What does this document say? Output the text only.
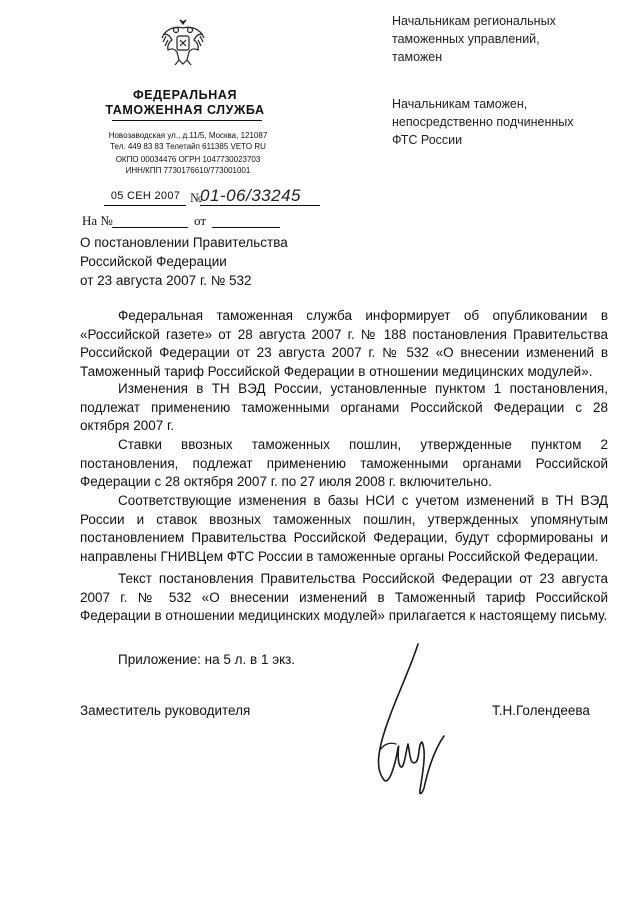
ФЕДЕРАЛЬНАЯ
ТАМОЖЕННАЯ СЛУЖБА
Новозаводская ул., д.11/5, Москва, 121087
Тел. 449 83 83 Телетайп 611385 VETO RU
ОКПО 00034476 ОГРН 1047730023703
ИНН/КПП 7730176610/773001001
05 СЕН 2007 №
01-06/33245
На №	от
Начальникам региональных
таможенных управлений,
таможен
Начальникам таможен,
непосредственно подчиненных
ФТС России
О постановлении Правительства
Российской Федерации
от 23 августа 2007 г. № 532

Федеральная таможенная служба информирует об опубликовании в «Российской газете» от 28 августа 2007 г. № 188 постановления Правительства Российской Федерации от 23 августа 2007 г. № 532 «О внесении изменений в Таможенный тариф Российской Федерации в отношении медицинских модулей».

Изменения в ТН ВЭД России, установленные пунктом 1 постановления, подлежат применению таможенными органами Российской Федерации с 28 октября 2007 г.

Ставки ввозных таможенных пошлин, утвержденные пунктом 2 постановления, подлежат применению таможенными органами Российской Федерации с 28 октября 2007 г. по 27 июля 2008 г. включительно.

Соответствующие изменения в базы НСИ с учетом изменений в ТН ВЭД России и ставок ввозных таможенных пошлин, утвержденных упомянутым постановлением Правительства Российской Федерации, будут сформированы и направлены ГНИВЦем ФТС России в таможенные органы Российской Федерации.

Текст постановления Правительства Российской Федерации от 23 августа 2007 г. № 532 «О внесении изменений в Таможенный тариф Российской Федерации в отношении медицинских модулей» прилагается к настоящему письму.

Приложение: на 5 л. в 1 экз.
Заместитель руководителя	Т.Н.Голендеева
